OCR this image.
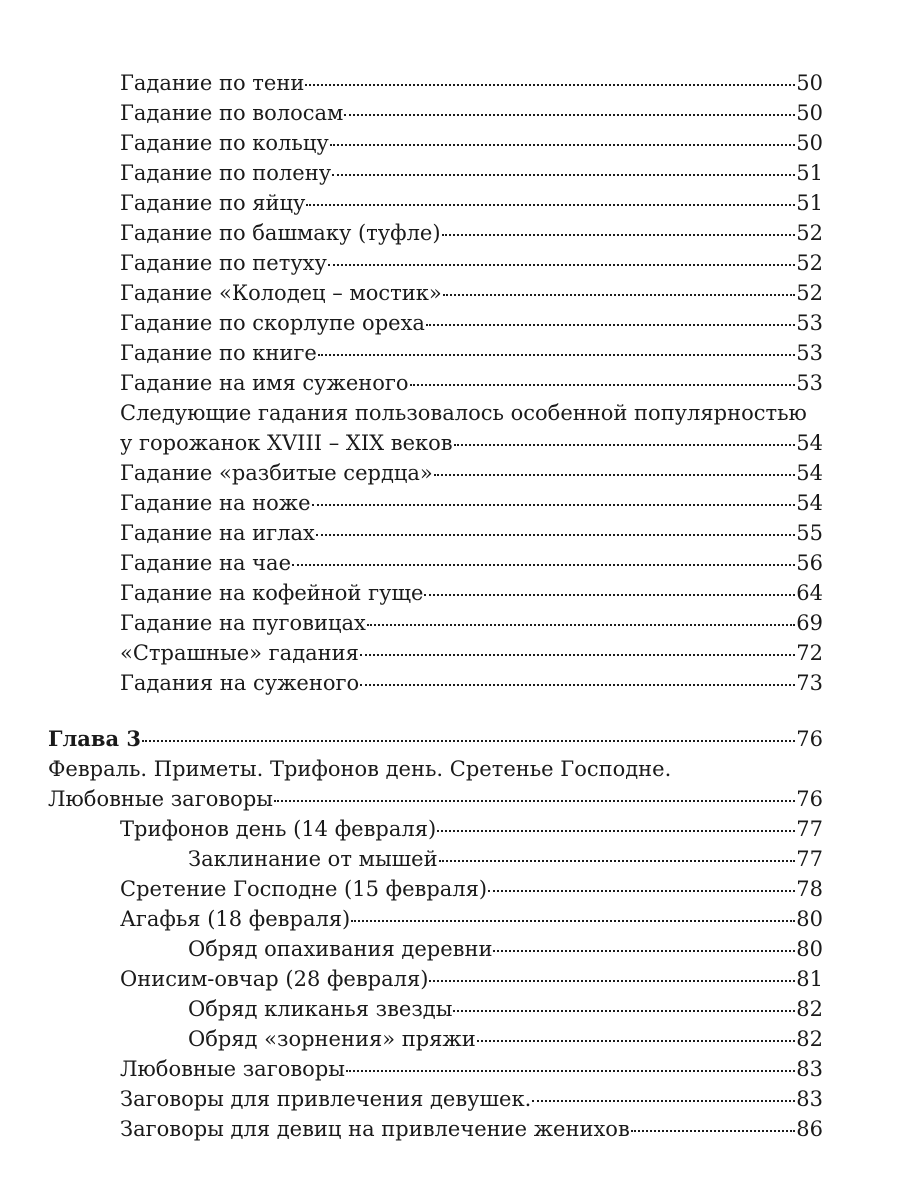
Гадание по тени	50
Гадание по волосам	50
Гадание по кольцу	50
Гадание по полену	51
Гадание по яйцу	51
Гадание по башмаку (туфле)	52
Гадание по петуху	52
Гадание «Колодец – мостик»	52
Гадание по скорлупе ореха	53
Гадание по книге	53
Гадание на имя суженого	53
Следующие гадания пользовалось особенной популярностью
у горожанок XVIII – XIX веков	54
Гадание «разбитые сердца»	54
Гадание на ноже	54
Гадание на иглах	55
Гадание на чае	56
Гадание на кофейной гуще	64
Гадание на пуговицах	69
«Страшные» гадания	72
Гадания на суженого	73
Глава 3	76
Февраль. Приметы. Трифонов день. Сретенье Господне.
Любовные заговоры	76
Трифонов день (14 февраля)	77
Заклинание от мышей	77
Сретение Господне (15 февраля)	78
Агафья (18 февраля)	80
Обряд опахивания деревни	80
Онисим-овчар (28 февраля)	81
Обряд кликанья звезды	82
Обряд «зорнения» пряжи	82
Любовные заговоры	83
Заговоры для привлечения девушек.	83
Заговоры для девиц на привлечение женихов	86
